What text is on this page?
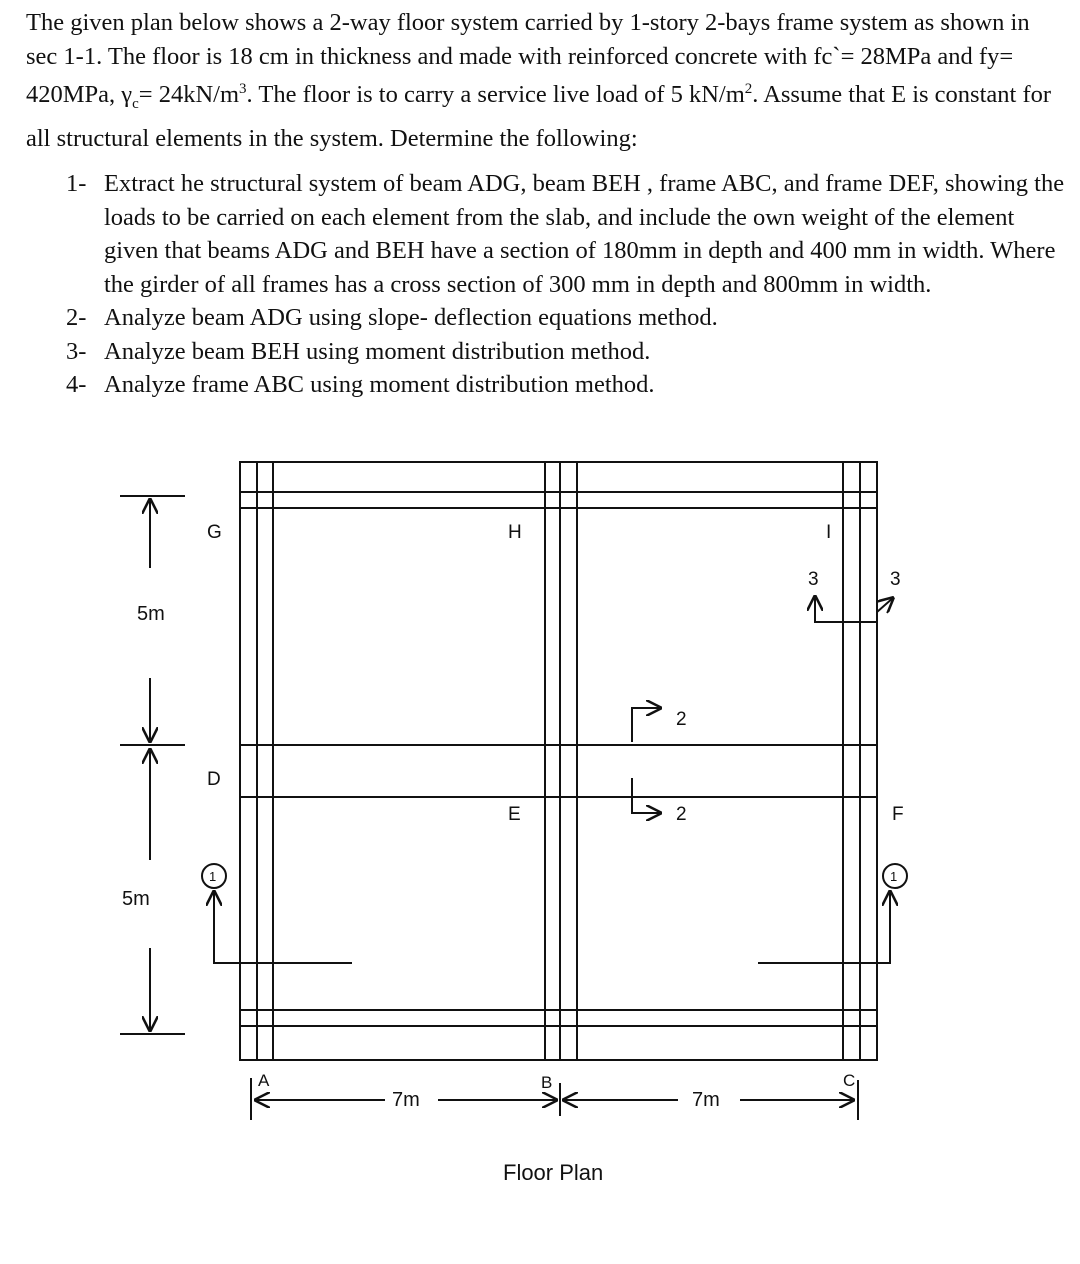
The given plan below shows a 2-way floor system carried by 1-story 2-bays frame system as shown in sec 1-1. The floor is 18 cm in thickness and made with reinforced concrete with fc`= 28MPa and fy= 420MPa, $\gamma_c= 24kN/m^3$. The floor is to carry a service live load of 5 $kN/m^2$. Assume that E is constant for all structural elements in the system. Determine the following:

1- Extract he structural system of beam ADG, beam BEH , frame ABC, and frame DEF, showing the loads to be carried on each element from the slab, and include the own weight of the element given that beams ADG and BEH have a section of 180mm in depth and 400 mm in width. Where the girder of all frames has a cross section of 300 mm in depth and 800mm in width.
2- Analyze beam ADG using slope- deflection equations method.
3- Analyze beam BEH using moment distribution method.
4- Analyze frame ABC using moment distribution method.
G	H	I
D
E	F
A	B	C
5m
5m
7m	7m
1	1
2
2
3	3
Floor Plan
